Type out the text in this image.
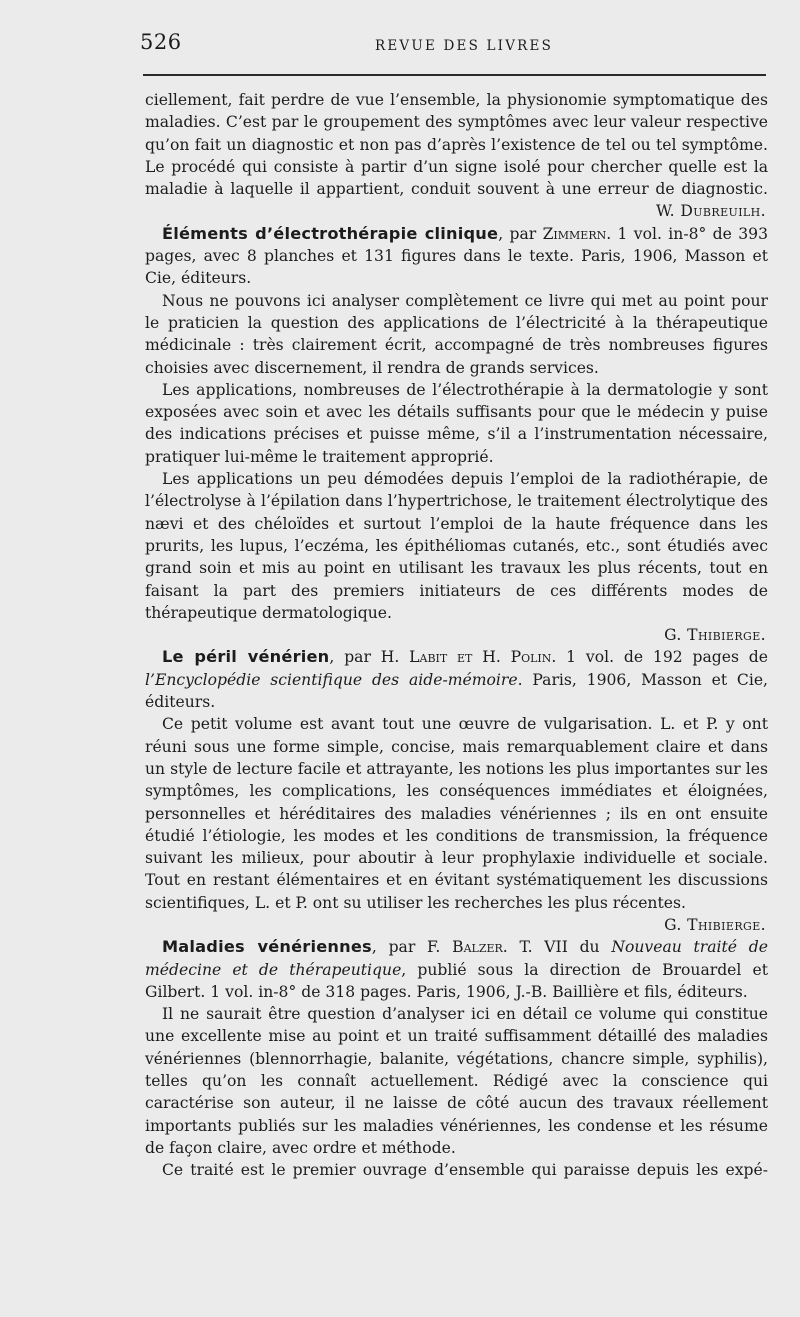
526	REVUE DES LIVRES

ciellement, fait perdre de vue l’ensemble, la physionomie symptomatique des maladies. C’est par le groupement des symptômes avec leur valeur respective qu’on fait un diagnostic et non pas d’après l’existence de tel ou tel symptôme. Le procédé qui consiste à partir d’un signe isolé pour chercher quelle est la maladie à laquelle il appartient, conduit souvent à une erreur de diagnostic.

W. Dubreuilh.

Éléments d’électrothérapie clinique, par Zimmern. 1 vol. in-8° de 393 pages, avec 8 planches et 131 figures dans le texte. Paris, 1906, Masson et Cie, éditeurs.

Nous ne pouvons ici analyser complètement ce livre qui met au point pour le praticien la question des applications de l’électricité à la thérapeutique médicinale : très clairement écrit, accompagné de très nombreuses figures choisies avec discernement, il rendra de grands services.

Les applications, nombreuses de l’électrothérapie à la dermatologie y sont exposées avec soin et avec les détails suffisants pour que le médecin y puise des indications précises et puisse même, s’il a l’instrumentation nécessaire, pratiquer lui-même le traitement approprié.

Les applications un peu démodées depuis l’emploi de la radiothérapie, de l’électrolyse à l’épilation dans l’hypertrichose, le traitement électrolytique des nævi et des chéloïdes et surtout l’emploi de la haute fréquence dans les prurits, les lupus, l’eczéma, les épithéliomas cutanés, etc., sont étudiés avec grand soin et mis au point en utilisant les travaux les plus récents, tout en faisant la part des premiers initiateurs de ces différents modes de thérapeutique dermatologique.

G. Thibierge.

Le péril vénérien, par H. Labit et H. Polin. 1 vol. de 192 pages de l’Encyclopédie scientifique des aide-mémoire. Paris, 1906, Masson et Cie, éditeurs.

Ce petit volume est avant tout une œuvre de vulgarisation. L. et P. y ont réuni sous une forme simple, concise, mais remarquablement claire et dans un style de lecture facile et attrayante, les notions les plus importantes sur les symptômes, les complications, les conséquences immédiates et éloignées, personnelles et héréditaires des maladies vénériennes ; ils en ont ensuite étudié l’étiologie, les modes et les conditions de transmission, la fréquence suivant les milieux, pour aboutir à leur prophylaxie individuelle et sociale. Tout en restant élémentaires et en évitant systématiquement les discussions scientifiques, L. et P. ont su utiliser les recherches les plus récentes.

G. Thibierge.

Maladies vénériennes, par F. Balzer. T. VII du Nouveau traité de médecine et de thérapeutique, publié sous la direction de Brouardel et Gilbert. 1 vol. in-8° de 318 pages. Paris, 1906, J.-B. Baillière et fils, éditeurs.

Il ne saurait être question d’analyser ici en détail ce volume qui constitue une excellente mise au point et un traité suffisamment détaillé des maladies vénériennes (blennorrhagie, balanite, végétations, chancre simple, syphilis), telles qu’on les connaît actuellement. Rédigé avec la conscience qui caractérise son auteur, il ne laisse de côté aucun des travaux réellement importants publiés sur les maladies vénériennes, les condense et les résume de façon claire, avec ordre et méthode.

Ce traité est le premier ouvrage d’ensemble qui paraisse depuis les expé-
